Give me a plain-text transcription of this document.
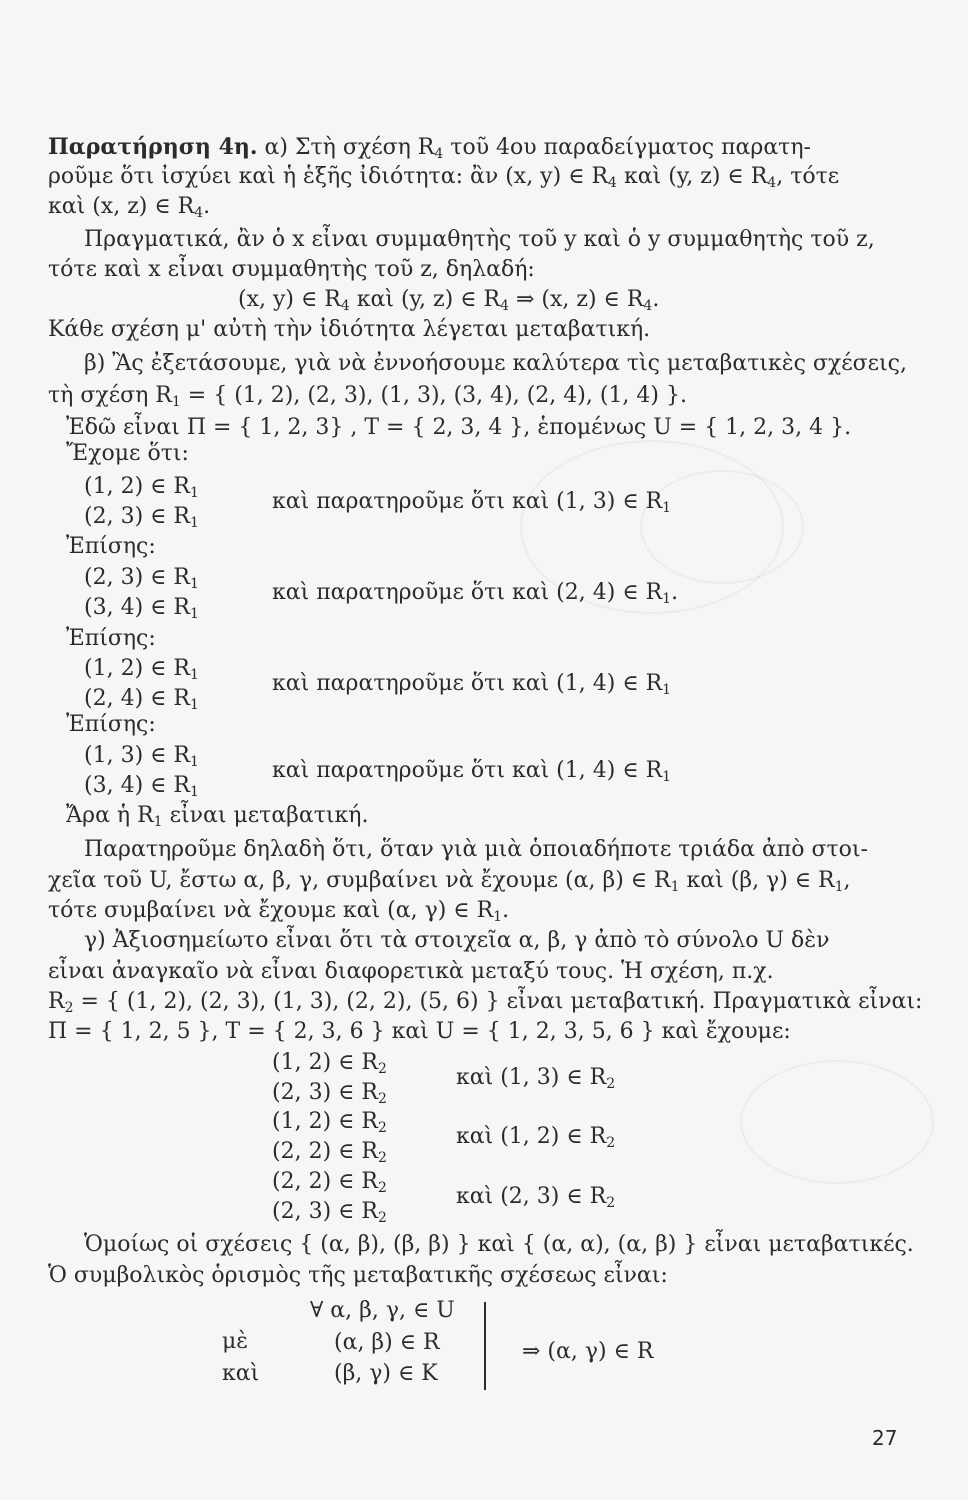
Παρατήρηση 4η. α) Στὴ σχέση $R_4$ τοῦ 4ου παραδείγματος παρατη-
ροῦμε ὅτι ἰσχύει καὶ ἡ ἑξῆς ἰδιότητα: ἂν (x, y) ∈ $R_4$ καὶ (y, z) ∈ $R_4$, τότε
καὶ (x, z) ∈ $R_4$.
Πραγματικά, ἂν ὁ x εἶναι συμμαθητὴς τοῦ y καὶ ὁ y συμμαθητὴς τοῦ z,
τότε καὶ x εἶναι συμμαθητὴς τοῦ z, δηλαδή:
(x, y) ∈ $R_4$ καὶ (y, z) ∈ $R_4$ ⇒ (x, z) ∈ $R_4$.
Κάθε σχέση μ' αὐτὴ τὴν ἰδιότητα λέγεται μεταβατική.
β) Ἂς ἐξετάσουμε, γιὰ νὰ ἐννοήσουμε καλύτερα τὶς μεταβατικὲς σχέσεις,
τὴ σχέση $R_1$ = { (1, 2), (2, 3), (1, 3), (3, 4), (2, 4), (1, 4) }.
Ἐδῶ εἶναι Π = { 1, 2, 3} , Τ = { 2, 3, 4 }, ἑπομένως U = { 1, 2, 3, 4 }.
Ἔχομε ὅτι:
(1, 2) ∈ $R_1$
(2, 3) ∈ $R_1$
καὶ παρατηροῦμε ὅτι καὶ (1, 3) ∈ $R_1$
Ἐπίσης:
(2, 3) ∈ $R_1$
(3, 4) ∈ $R_1$
καὶ παρατηροῦμε ὅτι καὶ (2, 4) ∈ $R_1$.
Ἐπίσης:
(1, 2) ∈ $R_1$
(2, 4) ∈ $R_1$
καὶ παρατηροῦμε ὅτι καὶ (1, 4) ∈ $R_1$
Ἐπίσης:
(1, 3) ∈ $R_1$
(3, 4) ∈ $R_1$
καὶ παρατηροῦμε ὅτι καὶ (1, 4) ∈ $R_1$
Ἄρα ἡ $R_1$ εἶναι μεταβατική.
Παρατηροῦμε δηλαδὴ ὅτι, ὅταν γιὰ μιὰ ὁποιαδήποτε τριάδα ἀπὸ στοι-
χεῖα τοῦ U, ἔστω α, β, γ, συμβαίνει νὰ ἔχουμε (α, β) ∈ $R_1$ καὶ (β, γ) ∈ $R_1$,
τότε συμβαίνει νὰ ἔχουμε καὶ (α, γ) ∈ $R_1$.
γ) Ἀξιοσημείωτο εἶναι ὅτι τὰ στοιχεῖα α, β, γ ἀπὸ τὸ σύνολο U δὲν
εἶναι ἀναγκαῖο νὰ εἶναι διαφορετικὰ μεταξύ τους. Ἡ σχέση, π.χ.
$R_2$ = { (1, 2), (2, 3), (1, 3), (2, 2), (5, 6) } εἶναι μεταβατική. Πραγματικὰ εἶναι:
Π = { 1, 2, 5 }, Τ = { 2, 3, 6 } καὶ U = { 1, 2, 3, 5, 6 } καὶ ἔχουμε:
(1, 2) ∈ $R_2$
(2, 3) ∈ $R_2$
καὶ (1, 3) ∈ $R_2$
(1, 2) ∈ $R_2$
(2, 2) ∈ $R_2$
καὶ (1, 2) ∈ $R_2$
(2, 2) ∈ $R_2$
(2, 3) ∈ $R_2$
καὶ (2, 3) ∈ $R_2$
Ὁμοίως οἱ σχέσεις { (α, β), (β, β) } καὶ { (α, α), (α, β) } εἶναι μεταβατικές.
Ὁ συμβολικὸς ὁρισμὸς τῆς μεταβατικῆς σχέσεως εἶναι:
∀ α, β, γ, ∈ U
μὲ	(α, β) ∈ R
καὶ	(β, γ) ∈ K
⇒ (α, γ) ∈ R
27
